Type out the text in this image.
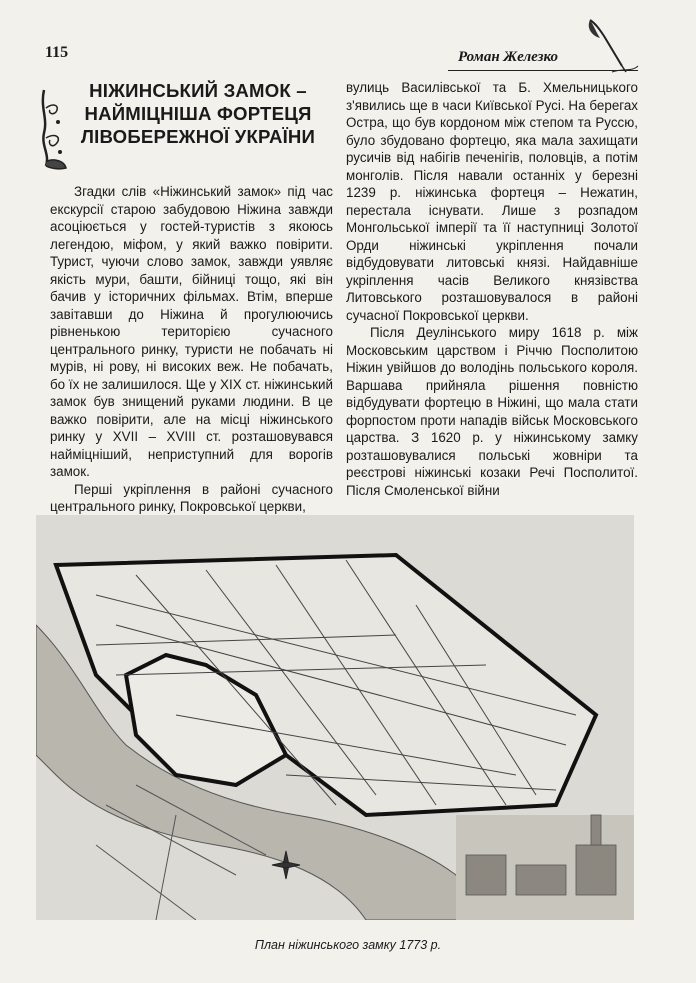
115	Роман Железко
НІЖИНСЬКИЙ ЗАМОК –
НАЙМІЦНІША ФОРТЕЦЯ
ЛІВОБЕРЕЖНОЇ УКРАЇНИ

Згадки слів «Ніжинський замок» під час екскурсії старою забудовою Ніжина завжди асоціюється у гостей-туристів з якоюсь легендою, міфом, у який важко повірити. Турист, чуючи слово замок, завжди уявляє якість мури, башти, бійниці тощо, які він бачив у історичних фільмах. Втім, вперше завітавши до Ніжина й прогулюючись рівненькою територією сучасного центрального ринку, туристи не побачать ні мурів, ні рову, ні високих веж. Не побачать, бо їх не залишилося. Ще у ХІХ ст. ніжинський замок був знищений руками людини. В це важко повірити, але на місці ніжинського ринку у XVII – XVIII ст. розташовувався наймiцніший, неприступний для ворогів замок.

Перші укріплення в районі сучасного центрального ринку, Покровської церкви,

вулиць Василівської та Б. Хмельницького з'явились ще в часи Київської Русі. На берегах Остра, що був кордоном між степом та Руссю, було збудовано фортецю, яка мала захищати русичів від набігів печенігів, половців, а потім монголів. Після навали останніх у березні 1239 р. ніжинська фортеця – Нежатин, перестала існувати. Лише з розпадом Монгольської імперії та її наступниці Золотої Орди ніжинські укріплення почали відбудовувати литовські князі. Найдавніше укріплення часів Великого князівства Литовського розташовувалося в районі сучасної Покровської церкви.

Після Деулінського миру 1618 р. між Московським царством і Річчю Посполитою Ніжин увійшов до володінь польського короля. Варшава прийняла рішення повністю відбудувати фортецю в Ніжині, що мала стати форпостом проти нападів військ Московського царства. З 1620 р. у ніжинському замку розташовувалися польські жовніри та реєстрові ніжинські козаки Речі Посполитої. Після Смоленської війни

План ніжинського замку 1773 р.
